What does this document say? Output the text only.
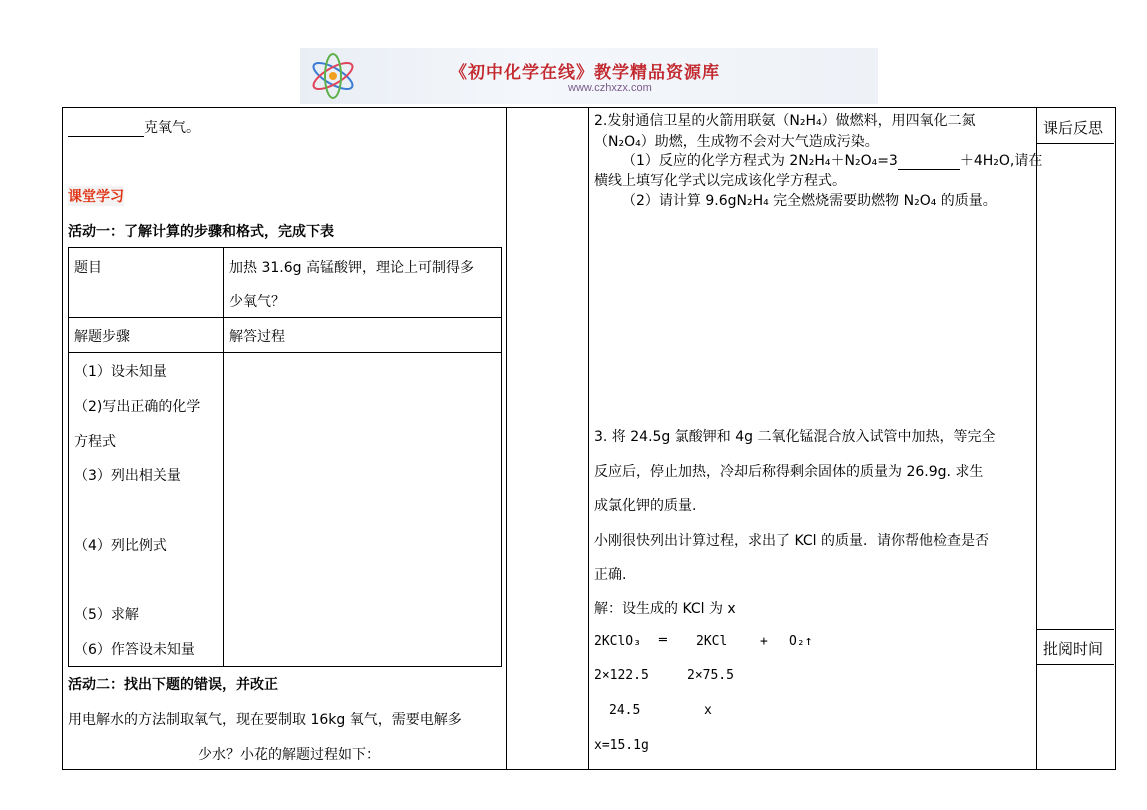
《初中化学在线》教学精品资源库
www.czhxzx.com
克氧气。
课堂学习
活动一：了解计算的步骤和格式，完成下表
题目	加热 31.6g 高锰酸钾，理论上可制得多
少氧气？
解题步骤	解答过程
（1）设未知量
（2)写出正确的化学
方程式
（3）列出相关量
（4）列比例式
（5）求解
（6）作答设未知量
活动二：找出下题的错误，并改正
用电解水的方法制取氧气，现在要制取 16kg 氧气，需要电解多
少水？小花的解题过程如下：
2.发射通信卫星的火箭用联氨（N₂H₄）做燃料，用四氧化二氮
（N₂O₄）助燃，生成物不会对大气造成污染。
（1）反应的化学方程式为 2N₂H₄＋N₂O₄=3	＋4H₂O,请在
横线上填写化学式以完成该化学方程式。
（2）请计算 9.6gN₂H₄ 完全燃烧需要助燃物 N₂O₄ 的质量。
3. 将 24.5g 氯酸钾和 4g 二氧化锰混合放入试管中加热，等完全
反应后，停止加热，冷却后称得剩余固体的质量为 26.9g. 求生
成氯化钾的质量.
小刚很快列出计算过程，求出了 KCl 的质量．请你帮他检查是否
正确.
解：设生成的 KCl 为 x
2KClO₃ ═ 2KCl	+ O₂↑
2×122.5	2×75.5
24.5	x
x=15.1g
课后反思
批阅时间
